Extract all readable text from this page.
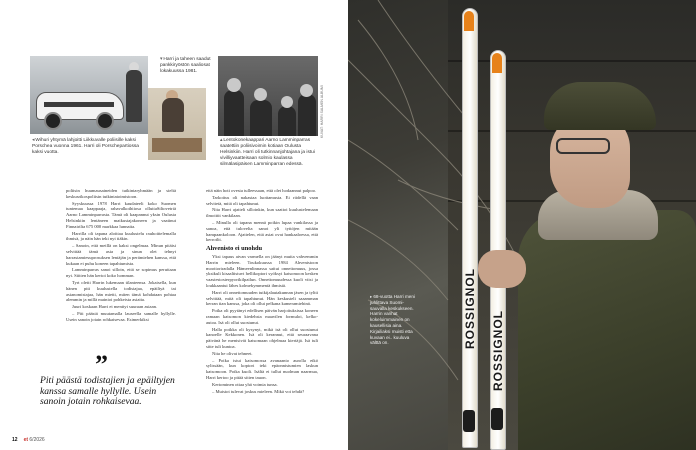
KUVAT: HARRI SALMEN ALBUMI
◂Wihuri yhtymä lahjoitti Liikkuvalle poliisille kaksi Porschea vuonna 1961. Harri oli Porschepartiossa kaksi vuotta.
▾Harri ja taheen saadut pankkiryöstön saaliosat lokakuussa 1981.
▴Lentokonekaappari Aarno Lamminparras saatettiin poliisivoimin kotiaan Oulusta Helsinkiin. Harri oli tutkinnanjohtajana ja istui vivilliyvaatteisaan solmio kaulassa silmälasipäisen Lamminparran edessä.

poliisin huumausaineiden tutkintaryhmään ja sieltä keskusrikospoliisin tutkintatoimistoon.

Syyskuussa 1978 Harri kaudateeli koko Suomen tuntemaa kaappaaja, rahavalkoihiiosa olluttaSiltovetriä Aarno Lamminparrasta. Tämä oli kaapannut yksin Oulusta Helsinkiin lentäneen matkustajakoneen ja vaatinut Finnairilta 675 000 markkaa lunnaita.

Harrilla oli tapana aloittaa kuulustelu rauhoittelemalla ihmisä, ja näin hän teki nyt tiäkin.

– Sanoin, että meillä on kaksi ongelmaa. Minun pitäisi selvittää tämä asia ja sinun olet tehnyt harrastamiesuprosuksen lentäjän ja perämiehen kanssa, että kukaan ei puhu koneen tapahtumista.

Lamminparras sanoi silloin, että se sopimus peruttaan nyt. Siitten hän kertoi koko homman.

Tyrt oletti Harrin lukemaan tilanteensa. Jokaisella, kun hänen piti kuulustella todistajaa, epäiltyä tai asianomistajaa, hän mietti, miten tämä kohdataan pohtaa alemmin ja millä mainioi pohkeista asiaita.

Juuri koskaan Harri ei menttyt suuraan asiaan.

– Piti päästä muutamalla lauseella samalle hyllylle. Usein sanoin jotain rohkaisevaa. Esimerkiksi

että näin hoti ovesta tulleessaan, että olet hodaannut palpoo.

Tarkoitus oli nakastaa luottamusta. Ei riidellä vaan selvitetä, mitä oli tapahtunut.

Nita Harri ajatteli silloinkin, kun saattoi kuulustelemaan ilmoittit vankilaan.

– Minulla oli tapana mennä poikin lupaa vankilassa ja sanoa, että tulovelta sanot yli tyttöjen mitään hampaankoloon. Ajattelen, että asiat ovat hankaaloessa, että kerrotlit.

Ahvenisto ei unohdu

Yksi tapaus aivan varmella on jäänyt muita vahvemmin Harrin mieleen. Toukokuussa 1984 Ahvenistoon moottoriradalla Hämeenlinnassa saitui onnettomuus, jossa yksikuli kisaaltistuvt hellikoptori syöksyi katsomoon kesken vaastestosterpyorikilpailun. Onnettomuudessa kuoli viisi ja loukkaantui lähes kolmekymmentä ihmistä.

Harri oli onnettomuuden tutkijalautakunnan jäsen ja tyltti selvittää, mitä oli tapahtunut. Hän keskusteli saaamman kerran tian kanssa, joka oli ollut pelkana kameramiehinä.

Poika oli pyytänyt edellisen päivän harjoituksissa koneen ramaan katsomon kiedehsta maavilen formuloi, kelko- autoa. Isä oli ollut suostunut.

Halla poikka oli kysynyt, mikä isä oli ollut suostunut kanoelle Kekkonen. Isä oli kerannut, että seuraavana päivänä he menisivät katsomaan ohjelmaa kiertäjä. Isä tuli sitte tuli kuntoa.

Nita he olivat tehneet.

– Poika istui katsomossa avanaanto aurolla eikö sylissään, kun koptori teki epäonnistumien laskun katsomoon. Poika kuoli. Isältä ei tullut nuolman naarmua, Harri kertoo ja pitää sitten tauon.

Kertominen ottaa yhä voimia tunsa.

– Muistot tulevat joskus mieleen. Mikä voi tehdä?

”
Piti päästä todistajien ja epäiltyjen kanssa samalle hyllylle. Usein sanoin jotain rohkaisevaa.
12 et 6/2026
ROSSIGNOL
ROSSIGNOL
▸68-vuotta Harri meni juhlittava Suomi-sauvalla keskukseen. Harrin vanhat kokeluimmainen on kausellisia aina. Kirjailiaksi muisti etta kuvaan ei.. kuuluva välttä on.
